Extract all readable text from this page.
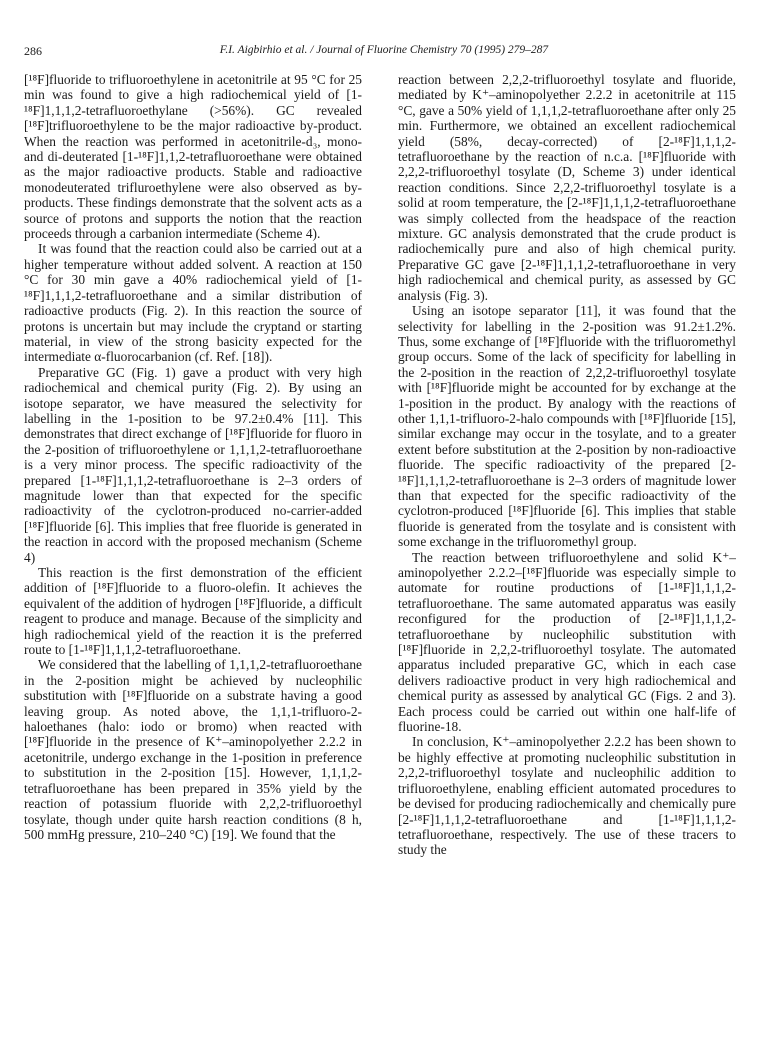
286	F.I. Aigbirhio et al. / Journal of Fluorine Chemistry 70 (1995) 279–287

[¹⁸F]fluoride to trifluoroethylene in acetonitrile at 95 °C for 25 min was found to give a high radiochemical yield of [1-¹⁸F]1,1,1,2-tetrafluoroethylane (>56%). GC revealed [¹⁸F]trifluoroethylene to be the major radioactive by-product. When the reaction was performed in acetonitrile-d₃, mono- and di-deuterated [1-¹⁸F]1,1,2-tetrafluoroethane were obtained as the major radioactive products. Stable and radioactive monodeuterated trifluroethylene were also observed as by-products. These findings demonstrate that the solvent acts as a source of protons and supports the notion that the reaction proceeds through a carbanion intermediate (Scheme 4).

It was found that the reaction could also be carried out at a higher temperature without added solvent. A reaction at 150 °C for 30 min gave a 40% radiochemical yield of [1-¹⁸F]1,1,1,2-tetrafluoroethane and a similar distribution of radioactive products (Fig. 2). In this reaction the source of protons is uncertain but may include the cryptand or starting material, in view of the strong basicity expected for the intermediate α-fluorocarbanion (cf. Ref. [18]).

Preparative GC (Fig. 1) gave a product with very high radiochemical and chemical purity (Fig. 2). By using an isotope separator, we have measured the selectivity for labelling in the 1-position to be 97.2±0.4% [11]. This demonstrates that direct exchange of [¹⁸F]fluoride for fluoro in the 2-position of trifluoroethylene or 1,1,1,2-tetrafluoroethane is a very minor process. The specific radioactivity of the prepared [1-¹⁸F]1,1,1,2-tetrafluoroethane is 2–3 orders of magnitude lower than that expected for the specific radioactivity of the cyclotron-produced no-carrier-added [¹⁸F]fluoride [6]. This implies that free fluoride is generated in the reaction in accord with the proposed mechanism (Scheme 4)

This reaction is the first demonstration of the efficient addition of [¹⁸F]fluoride to a fluoro-olefin. It achieves the equivalent of the addition of hydrogen [¹⁸F]fluoride, a difficult reagent to produce and manage. Because of the simplicity and high radiochemical yield of the reaction it is the preferred route to [1-¹⁸F]1,1,1,2-tetrafluoroethane.

We considered that the labelling of 1,1,1,2-tetrafluoroethane in the 2-position might be achieved by nucleophilic substitution with [¹⁸F]fluoride on a substrate having a good leaving group. As noted above, the 1,1,1-trifluoro-2-haloethanes (halo: iodo or bromo) when reacted with [¹⁸F]fluoride in the presence of K⁺–aminopolyether 2.2.2 in acetonitrile, undergo exchange in the 1-position in preference to substitution in the 2-position [15]. However, 1,1,1,2-tetrafluoroethane has been prepared in 35% yield by the reaction of potassium fluoride with 2,2,2-trifluoroethyl tosylate, though under quite harsh reaction conditions (8 h, 500 mmHg pressure, 210–240 °C) [19]. We found that the

reaction between 2,2,2-trifluoroethyl tosylate and fluoride, mediated by K⁺–aminopolyether 2.2.2 in acetonitrile at 115 °C, gave a 50% yield of 1,1,1,2-tetrafluoroethane after only 25 min. Furthermore, we obtained an excellent radiochemical yield (58%, decay-corrected) of [2-¹⁸F]1,1,1,2-tetrafluoroethane by the reaction of n.c.a. [¹⁸F]fluoride with 2,2,2-trifluoroethyl tosylate (D, Scheme 3) under identical reaction conditions. Since 2,2,2-trifluoroethyl tosylate is a solid at room temperature, the [2-¹⁸F]1,1,1,2-tetrafluoroethane was simply collected from the headspace of the reaction mixture. GC analysis demonstrated that the crude product is radiochemically pure and also of high chemical purity. Preparative GC gave [2-¹⁸F]1,1,1,2-tetrafluoroethane in very high radiochemical and chemical purity, as assessed by GC analysis (Fig. 3).

Using an isotope separator [11], it was found that the selectivity for labelling in the 2-position was 91.2±1.2%. Thus, some exchange of [¹⁸F]fluoride with the trifluoromethyl group occurs. Some of the lack of specificity for labelling in the 2-position in the reaction of 2,2,2-trifluoroethyl tosylate with [¹⁸F]fluoride might be accounted for by exchange at the 1-position in the product. By analogy with the reactions of other 1,1,1-trifluoro-2-halo compounds with [¹⁸F]fluoride [15], similar exchange may occur in the tosylate, and to a greater extent before substitution at the 2-position by non-radioactive fluoride. The specific radioactivity of the prepared [2-¹⁸F]1,1,1,2-tetrafluoroethane is 2–3 orders of magnitude lower than that expected for the specific radioactivity of the cyclotron-produced [¹⁸F]fluoride [6]. This implies that stable fluoride is generated from the tosylate and is consistent with some exchange in the trifluoromethyl group.

The reaction between trifluoroethylene and solid K⁺–aminopolyether 2.2.2–[¹⁸F]fluoride was especially simple to automate for routine productions of [1-¹⁸F]1,1,1,2-tetrafluoroethane. The same automated apparatus was easily reconfigured for the production of [2-¹⁸F]1,1,1,2-tetrafluoroethane by nucleophilic substitution with [¹⁸F]fluoride in 2,2,2-trifluoroethyl tosylate. The automated apparatus included preparative GC, which in each case delivers radioactive product in very high radiochemical and chemical purity as assessed by analytical GC (Figs. 2 and 3). Each process could be carried out within one half-life of fluorine-18.

In conclusion, K⁺–aminopolyether 2.2.2 has been shown to be highly effective at promoting nucleophilic substitution in 2,2,2-trifluoroethyl tosylate and nucleophilic addition to trifluoroethylene, enabling efficient automated procedures to be devised for producing radiochemically and chemically pure [2-¹⁸F]1,1,1,2-tetrafluoroethane and [1-¹⁸F]1,1,1,2-tetrafluoroethane, respectively. The use of these tracers to study the
